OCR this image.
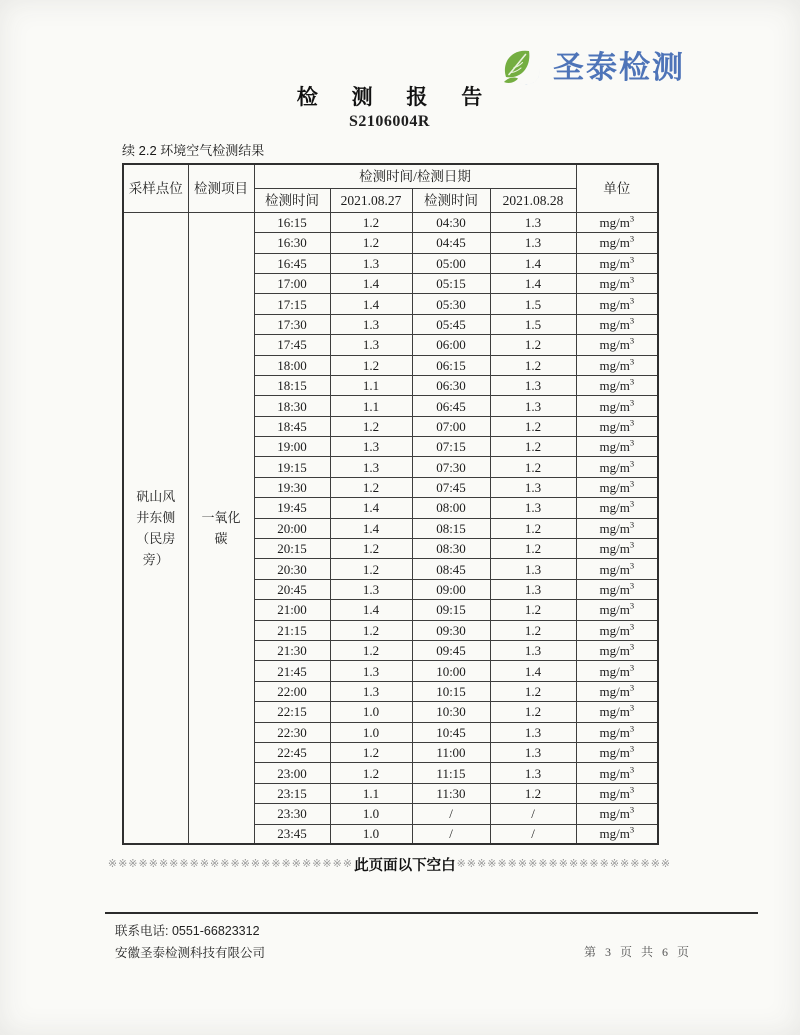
圣泰检测
检 测 报 告
S2106004R
续 2.2 环境空气检测结果
采样点位	检测项目	检测时间/检测日期				单位
		检测时间	2021.08.27	检测时间	2021.08.28	
矾山风井东侧（民房旁）	一氧化碳	16:15	1.2	04:30	1.3	$mg/m^3$
		16:30	1.2	04:45	1.3	$mg/m^3$
		16:45	1.3	05:00	1.4	$mg/m^3$
		17:00	1.4	05:15	1.4	$mg/m^3$
		17:15	1.4	05:30	1.5	$mg/m^3$
		17:30	1.3	05:45	1.5	$mg/m^3$
		17:45	1.3	06:00	1.2	$mg/m^3$
		18:00	1.2	06:15	1.2	$mg/m^3$
		18:15	1.1	06:30	1.3	$mg/m^3$
		18:30	1.1	06:45	1.3	$mg/m^3$
		18:45	1.2	07:00	1.2	$mg/m^3$
		19:00	1.3	07:15	1.2	$mg/m^3$
		19:15	1.3	07:30	1.2	$mg/m^3$
		19:30	1.2	07:45	1.3	$mg/m^3$
		19:45	1.4	08:00	1.3	$mg/m^3$
		20:00	1.4	08:15	1.2	$mg/m^3$
		20:15	1.2	08:30	1.2	$mg/m^3$
		20:30	1.2	08:45	1.3	$mg/m^3$
		20:45	1.3	09:00	1.3	$mg/m^3$
		21:00	1.4	09:15	1.2	$mg/m^3$
		21:15	1.2	09:30	1.2	$mg/m^3$
		21:30	1.2	09:45	1.3	$mg/m^3$
		21:45	1.3	10:00	1.4	$mg/m^3$
		22:00	1.3	10:15	1.2	$mg/m^3$
		22:15	1.0	10:30	1.2	$mg/m^3$
		22:30	1.0	10:45	1.3	$mg/m^3$
		22:45	1.2	11:00	1.3	$mg/m^3$
		23:00	1.2	11:15	1.3	$mg/m^3$
		23:15	1.1	11:30	1.2	$mg/m^3$
		23:30	1.0	/	/	$mg/m^3$
		23:45	1.0	/	/	$mg/m^3$
※※※※※※※※※※※※※※※※※※※※※※※※ 此页面以下空白 ※※※※※※※※※※※※※※※※※※※※※
联系电话: 0551-66823312
安徽圣泰检测科技有限公司	第 3 页 共 6 页
